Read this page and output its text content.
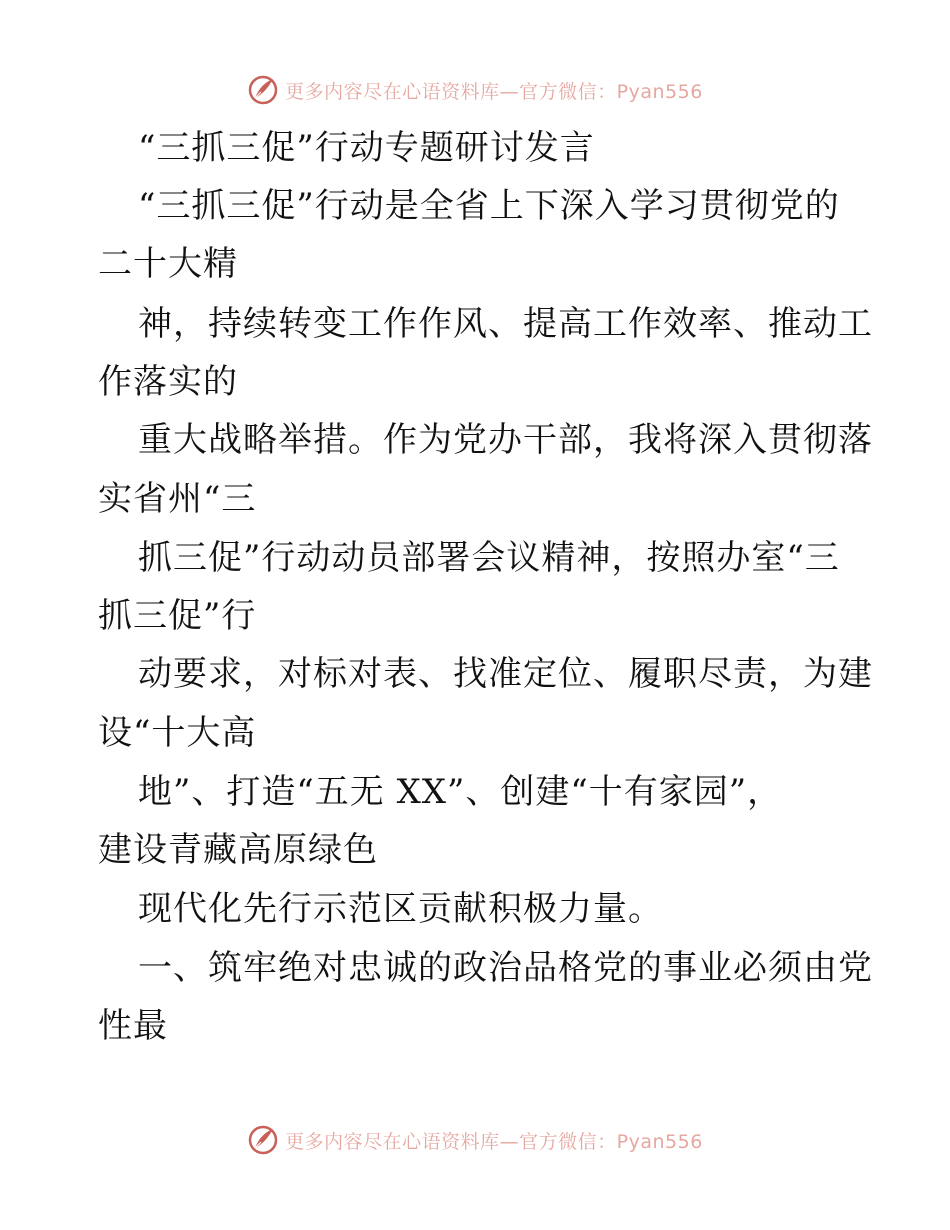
更多内容尽在心语资料库—官方微信：Pyan556
“三抓三促”行动专题研讨发言
“三抓三促”行动是全省上下深入学习贯彻党的
二十大精
神，持续转变工作作风、提高工作效率、推动工
作落实的
重大战略举措。作为党办干部，我将深入贯彻落
实省州“三
抓三促”行动动员部署会议精神，按照办室“三
抓三促”行
动要求，对标对表、找准定位、履职尽责，为建
设“十大高
地”、打造“五无 XX”、创建“十有家园”，
建设青藏高原绿色
现代化先行示范区贡献积极力量。
一、筑牢绝对忠诚的政治品格党的事业必须由党
性最
更多内容尽在心语资料库—官方微信：Pyan556
